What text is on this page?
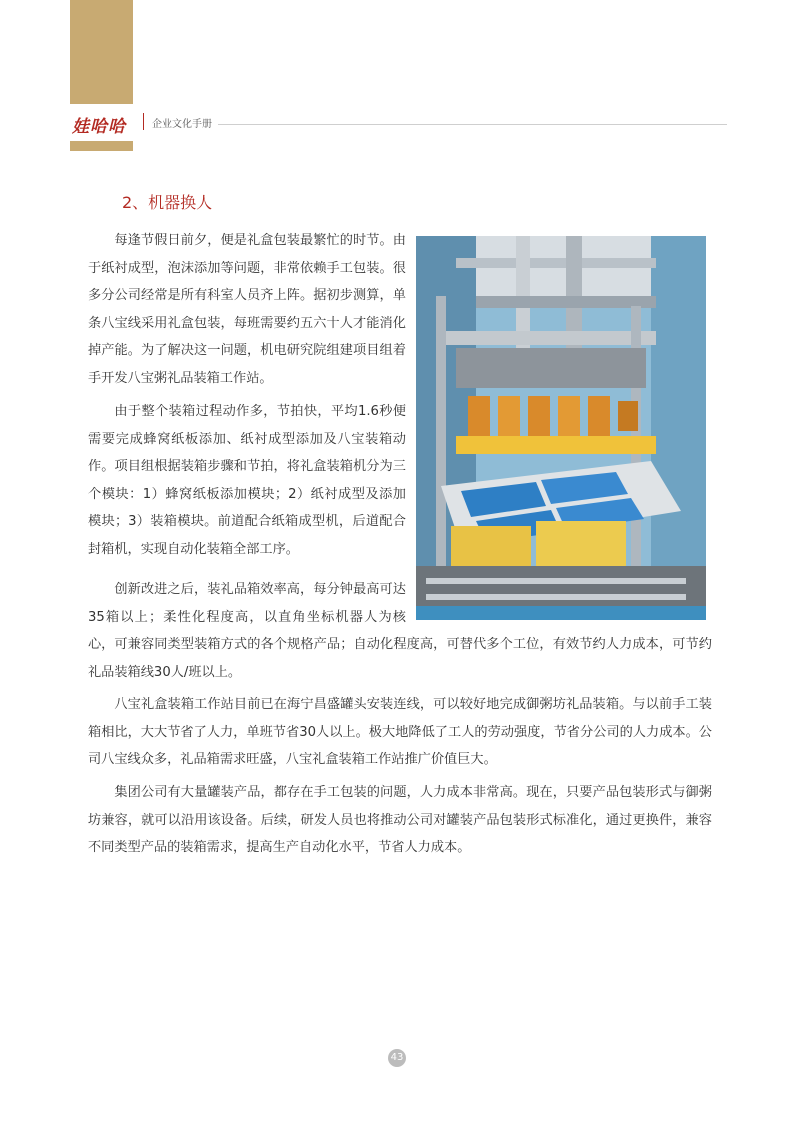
娃哈哈	企业文化手册
2、机器换人

每逢节假日前夕，便是礼盒包装最繁忙的时节。由于纸衬成型，泡沫添加等问题，非常依赖手工包装。很多分公司经常是所有科室人员齐上阵。据初步测算，单条八宝线采用礼盒包装，每班需要约五六十人才能消化掉产能。为了解决这一问题，机电研究院组建项目组着手开发八宝粥礼品装箱工作站。

由于整个装箱过程动作多，节拍快，平均1.6秒便需要完成蜂窝纸板添加、纸衬成型添加及八宝装箱动作。项目组根据装箱步骤和节拍，将礼盒装箱机分为三个模块：1）蜂窝纸板添加模块；2）纸衬成型及添加模块；3）装箱模块。前道配合纸箱成型机，后道配合封箱机，实现自动化装箱全部工序。

创新改进之后，装礼品箱效率高，每分钟最高可达35箱以上；柔性化程度高，以直角坐标机器人为核心， 可兼容同类型装箱方式的各个规格产品；自动化程度高，可替代多个工位，有效节约人力成本，可节约礼品装箱线30人/班以上。

八宝礼盒装箱工作站目前已在海宁昌盛罐头安装连线，可以较好地完成御粥坊礼品装箱。与以前手工装箱相比，大大节省了人力，单班节省30人以上。极大地降低了工人的劳动强度，节省分公司的人力成本。公司八宝线众多，礼品箱需求旺盛，八宝礼盒装箱工作站推广价值巨大。

集团公司有大量罐装产品，都存在手工包装的问题，人力成本非常高。现在，只要产品包装形式与御粥坊兼容，就可以沿用该设备。后续，研发人员也将推动公司对罐装产品包装形式标准化，通过更换件，兼容不同类型产品的装箱需求，提高生产自动化水平，节省人力成本。

43
